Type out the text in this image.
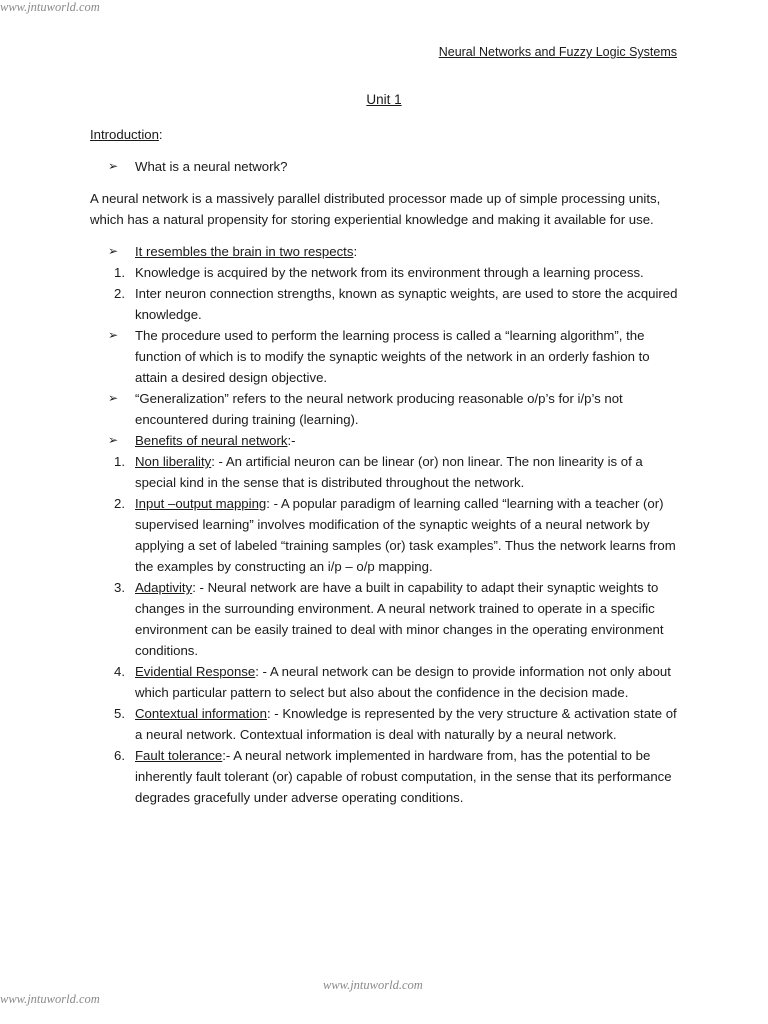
www.jntuworld.com
Neural Networks and Fuzzy Logic Systems
Unit 1

Introduction:

➢	What is a neural network?

A neural network is a massively parallel distributed processor made up of simple processing units, which has a natural propensity for storing experiential knowledge and making it available for use.

➢	It resembles the brain in two respects:
1. Knowledge is acquired by the network from its environment through a learning process.
2. Inter neuron connection strengths, known as synaptic weights, are used to store the acquired knowledge.
➢	The procedure used to perform the learning process is called a “learning algorithm”, the function of which is to modify the synaptic weights of the network in an orderly fashion to attain a desired design objective.
➢	“Generalization” refers to the neural network producing reasonable o/p’s for i/p’s not encountered during training (learning).
➢	Benefits of neural network:-
1. Non liberality: - An artificial neuron can be linear (or) non linear. The non linearity is of a special kind in the sense that is distributed throughout the network.
2. Input –output mapping: - A popular paradigm of learning called “learning with a teacher (or) supervised learning” involves modification of the synaptic weights of a neural network by applying a set of labeled “training samples (or) task examples”. Thus the network learns from the examples by constructing an i/p – o/p mapping.
3. Adaptivity: - Neural network are have a built in capability to adapt their synaptic weights to changes in the surrounding environment. A neural network trained to operate in a specific environment can be easily trained to deal with minor changes in the operating environment conditions.
4. Evidential Response: - A neural network can be design to provide information not only about which particular pattern to select but also about the confidence in the decision made.
5. Contextual information: - Knowledge is represented by the very structure & activation state of a neural network. Contextual information is deal with naturally by a neural network.
6. Fault tolerance:- A neural network implemented in hardware from, has the potential to be inherently fault tolerant (or) capable of robust computation, in the sense that its performance degrades gracefully under adverse operating conditions.
www.jntuworld.com
www.jntuworld.com
